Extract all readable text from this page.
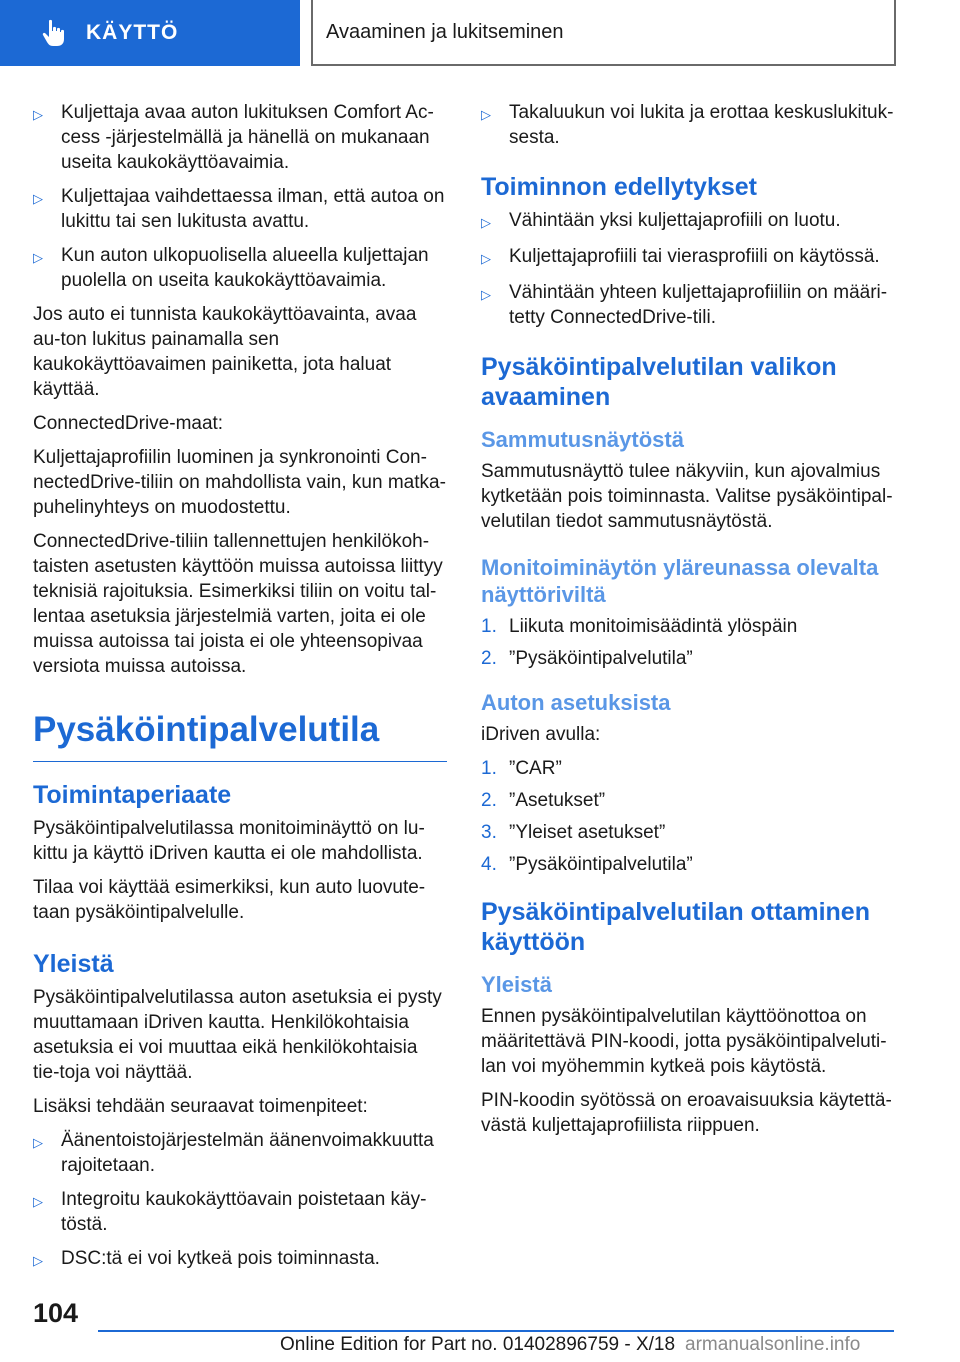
KÄYTTÖ	Avaaminen ja lukitseminen
▷ Kuljettaja avaa auton lukituksen Comfort Ac-cess -järjestelmällä ja hänellä on mukanaan useita kaukokäyttöavaimia.
▷ Kuljettajaa vaihdettaessa ilman, että autoa on lukittu tai sen lukitusta avattu.
▷ Kun auton ulkopuolisella alueella kuljettajan puolella on useita kaukokäyttöavaimia.

Jos auto ei tunnista kaukokäyttöavainta, avaa au-ton lukitus painamalla sen kaukokäyttöavaimen painiketta, jota haluat käyttää.

ConnectedDrive-maat:

Kuljettajaprofiilin luominen ja synkronointi Con-nectedDrive-tiliin on mahdollista vain, kun matka-puhelinyhteys on muodostettu.

ConnectedDrive-tiliin tallennettujen henkilökoh-taisten asetusten käyttöön muissa autoissa liittyy teknisiä rajoituksia. Esimerkiksi tiliin on voitu tal-lentaa asetuksia järjestelmiä varten, joita ei ole muissa autoissa tai joista ei ole yhteensopivaa versiota muissa autoissa.

Pysäköintipalvelutila
Toimintaperiaate

Pysäköintipalvelutilassa monitoiminäyttö on lu-kittu ja käyttö iDriven kautta ei ole mahdollista.

Tilaa voi käyttää esimerkiksi, kun auto luovute-taan pysäköintipalvelulle.

Yleistä

Pysäköintipalvelutilassa auton asetuksia ei pysty muuttamaan iDriven kautta. Henkilökohtaisia asetuksia ei voi muuttaa eikä henkilökohtaisia tie-toja voi näyttää.

Lisäksi tehdään seuraavat toimenpiteet:

▷ Äänentoistojärjestelmän äänenvoimakkuutta rajoitetaan.
▷ Integroitu kaukokäyttöavain poistetaan käy-töstä.
▷ DSC:tä ei voi kytkeä pois toiminnasta.
▷ Takaluukun voi lukita ja erottaa keskuslukituk-sesta.
Toiminnon edellytykset
▷ Vähintään yksi kuljettajaprofiili on luotu.
▷ Kuljettajaprofiili tai vierasprofiili on käytössä.
▷ Vähintään yhteen kuljettajaprofiiliin on määri-tetty ConnectedDrive-tili.
Pysäköintipalvelutilan valikon avaaminen
Sammutusnäytöstä

Sammutusnäyttö tulee näkyviin, kun ajovalmius kytketään pois toiminnasta. Valitse pysäköintipal-velutilan tiedot sammutusnäytöstä.

Monitoiminäytön yläreunassa olevalta näyttöriviltä
1. Liikuta monitoimisäädintä ylöspäin
2. ”Pysäköintipalvelutila”
Auton asetuksista

iDriven avulla:

1. ”CAR”
2. ”Asetukset”
3. ”Yleiset asetukset”
4. ”Pysäköintipalvelutila”
Pysäköintipalvelutilan ottaminen käyttöön
Yleistä

Ennen pysäköintipalvelutilan käyttöönottoa on määritettävä PIN-koodi, jotta pysäköintipalveluti-lan voi myöhemmin kytkeä pois käytöstä.

PIN-koodin syötössä on eroavaisuuksia käytettä-västä kuljettajaprofiilista riippuen.

104
Online Edition for Part no. 01402896759 - X/18 armanualsonline.info
